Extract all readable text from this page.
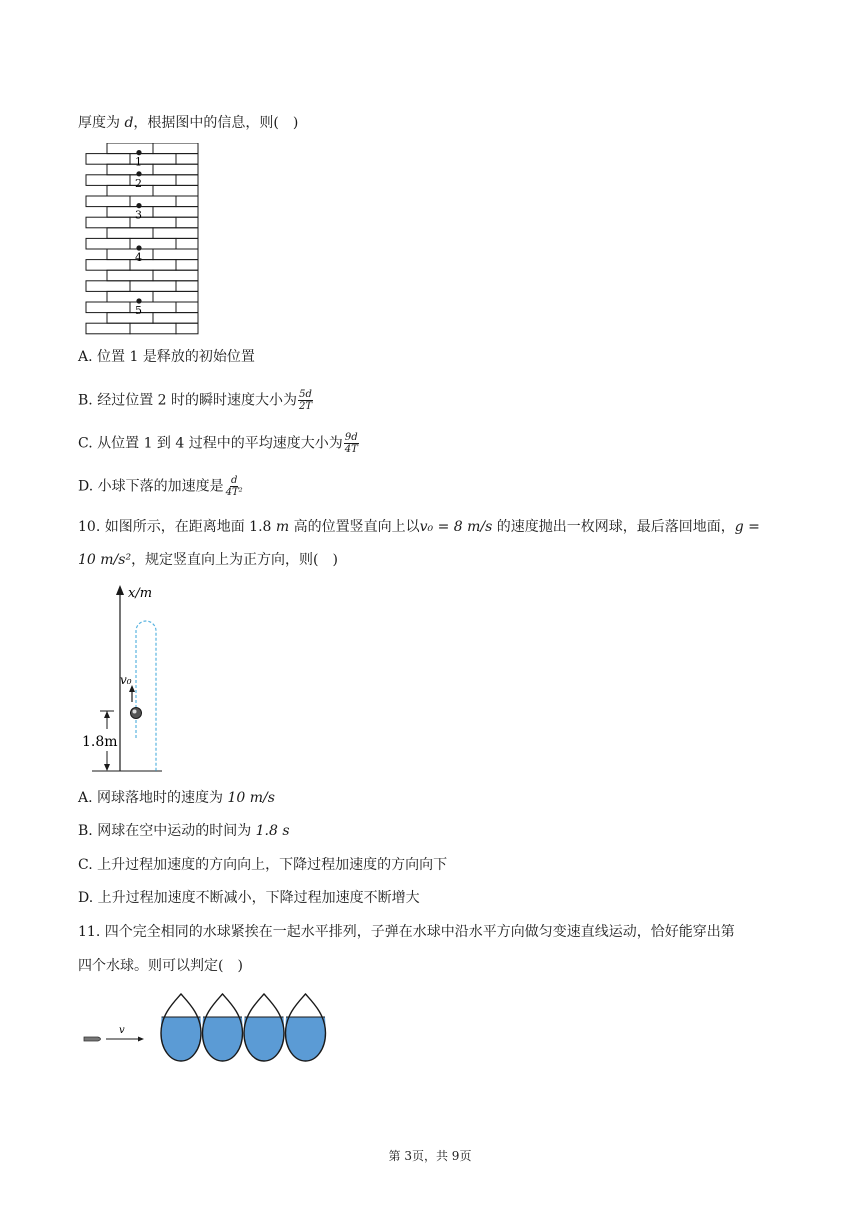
厚度为 d，根据图中的信息，则(　)
1
2
3
4
5
A. 位置 1 是释放的初始位置
B. 经过位置 2 时的瞬时速度大小为 $\frac{5d}{2T}$
C. 从位置 1 到 4 过程中的平均速度大小为 $\frac{9d}{4T}$
D. 小球下落的加速度是 $\frac{d}{\text{4T²}}$
10. 如图所示，在距离地面 1.8 m 高的位置竖直向上以v₀ = 8 m/s 的速度抛出一枚网球，最后落回地面，g =
10 m/s²，规定竖直向上为正方向，则(　)
x/m
v₀
1.8m
A. 网球落地时的速度为 10 m/s
B. 网球在空中运动的时间为 1.8 s
C. 上升过程加速度的方向向上，下降过程加速度的方向向下
D. 上升过程加速度不断减小，下降过程加速度不断增大
11. 四个完全相同的水球紧挨在一起水平排列，子弹在水球中沿水平方向做匀变速直线运动，恰好能穿出第
四个水球。则可以判定(　)
v
第 3页，共 9页
